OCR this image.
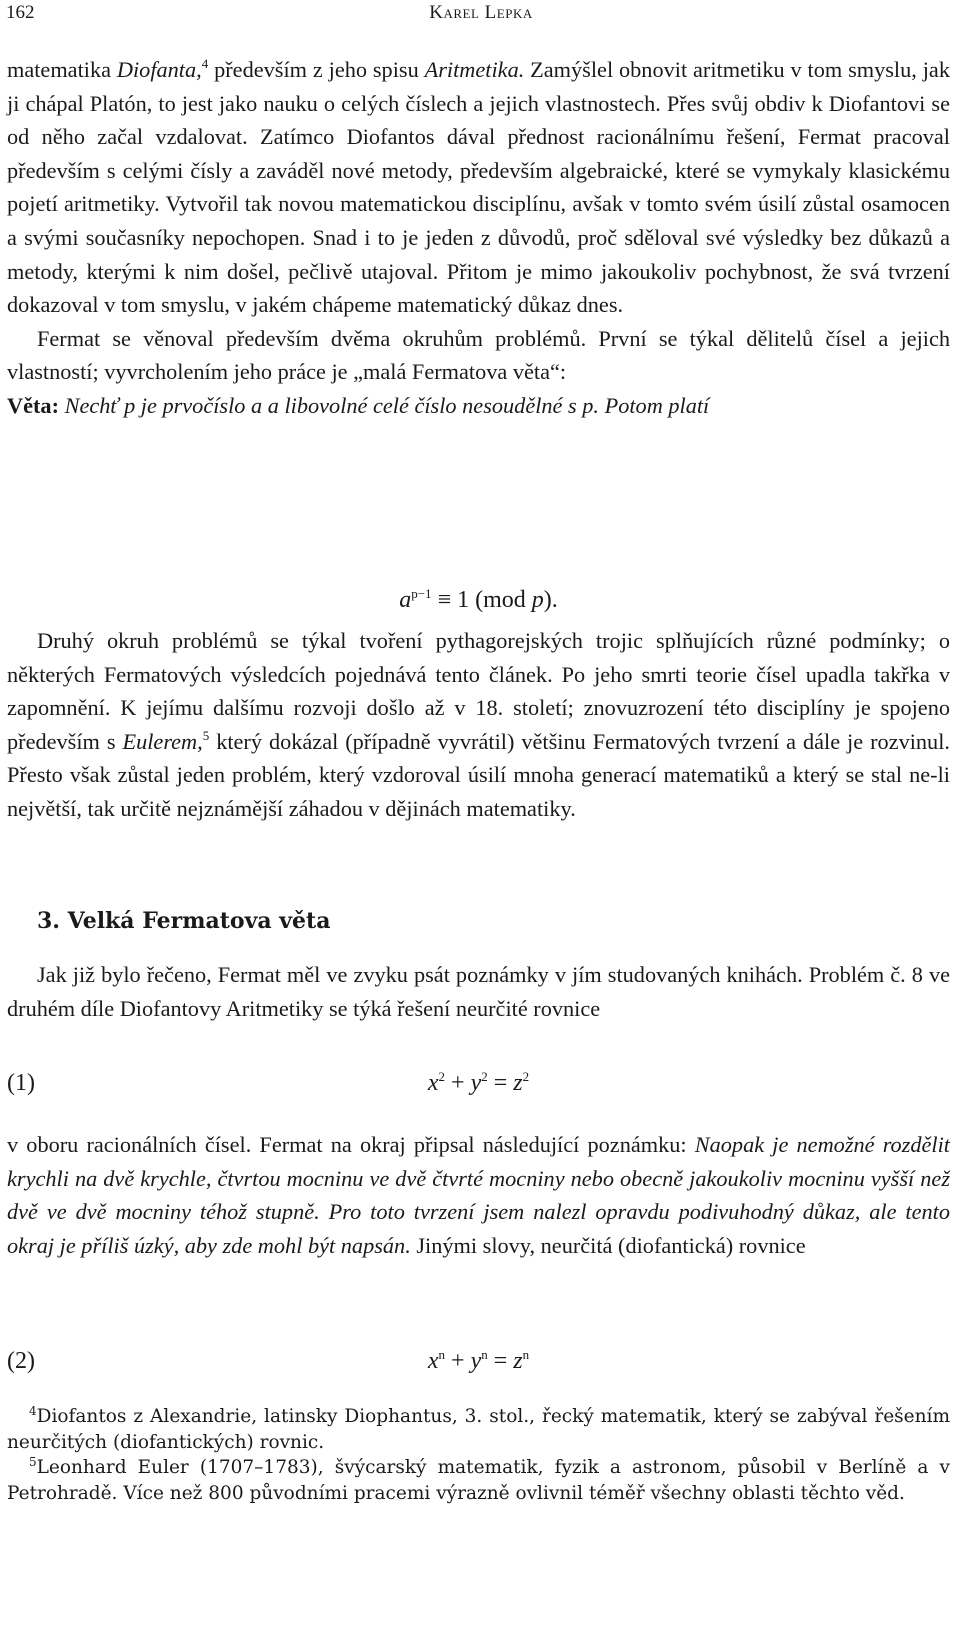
162	Karel Lepka

matematika Diofanta,$^4$ především z jeho spisu Aritmetika. Zamýšlel obnovit aritmetiku v tom smyslu, jak ji chápal Platón, to jest jako nauku o celých číslech a jejich vlastnostech. Přes svůj obdiv k Diofantovi se od něho začal vzdalovat. Zatímco Diofantos dával přednost racionálnímu řešení, Fermat pracoval především s celými čísly a zaváděl nové metody, především algebraické, které se vymykaly klasickému pojetí aritmetiky. Vytvořil tak novou matematickou disciplínu, avšak v tomto svém úsilí zůstal osamocen a svými současníky nepochopen. Snad i to je jeden z důvodů, proč sděloval své výsledky bez důkazů a metody, kterými k nim došel, pečlivě utajoval. Přitom je mimo jakoukoliv pochybnost, že svá tvrzení dokazoval v tom smyslu, v jakém chápeme matematický důkaz dnes.

Fermat se věnoval především dvěma okruhům problémů. První se týkal dělitelů čísel a jejich vlastností; vyvrcholením jeho práce je „malá Fermatova věta“:

Věta: Nechť p je prvočíslo a a libovolné celé číslo nesoudělné s p. Potom platí

$a^{p-1} \equiv 1$ (mod p).

Druhý okruh problémů se týkal tvoření pythagorejských trojic splňujících různé podmínky; o některých Fermatových výsledcích pojednává tento článek. Po jeho smrti teorie čísel upadla takřka v zapomnění. K jejímu dalšímu rozvoji došlo až v 18. století; znovuzrození této disciplíny je spojeno především s Eulerem,$^5$ který dokázal (případně vyvrátil) většinu Fermatových tvrzení a dále je rozvinul. Přesto však zůstal jeden problém, který vzdoroval úsilí mnoha generací matematiků a který se stal ne-li největší, tak určitě nejznámější záhadou v dějinách matematiky.

3. Velká Fermatova věta

Jak již bylo řečeno, Fermat měl ve zvyku psát poznámky v jím studovaných knihách. Problém č. 8 ve druhém díle Diofantovy Aritmetiky se týká řešení neurčité rovnice

(1)	$x^2 + y^2 = z^2$

v oboru racionálních čísel. Fermat na okraj připsal následující poznámku: Naopak je nemožné rozdělit krychli na dvě krychle, čtvrtou mocninu ve dvě čtvrté mocniny nebo obecně jakoukoliv mocninu vyšší než dvě ve dvě mocniny téhož stupně. Pro toto tvrzení jsem nalezl opravdu podivuhodný důkaz, ale tento okraj je příliš úzký, aby zde mohl být napsán. Jinými slovy, neurčitá (diofantická) rovnice

(2)	$x^n + y^n = z^n$

$^4$Diofantos z Alexandrie, latinsky Diophantus, 3. stol., řecký matematik, který se zabýval řešením neurčitých (diofantických) rovnic.

$^5$Leonhard Euler (1707–1783), švýcarský matematik, fyzik a astronom, působil v Berlíně a v Petrohradě. Více než 800 původními pracemi výrazně ovlivnil téměř všechny oblasti těchto věd.
